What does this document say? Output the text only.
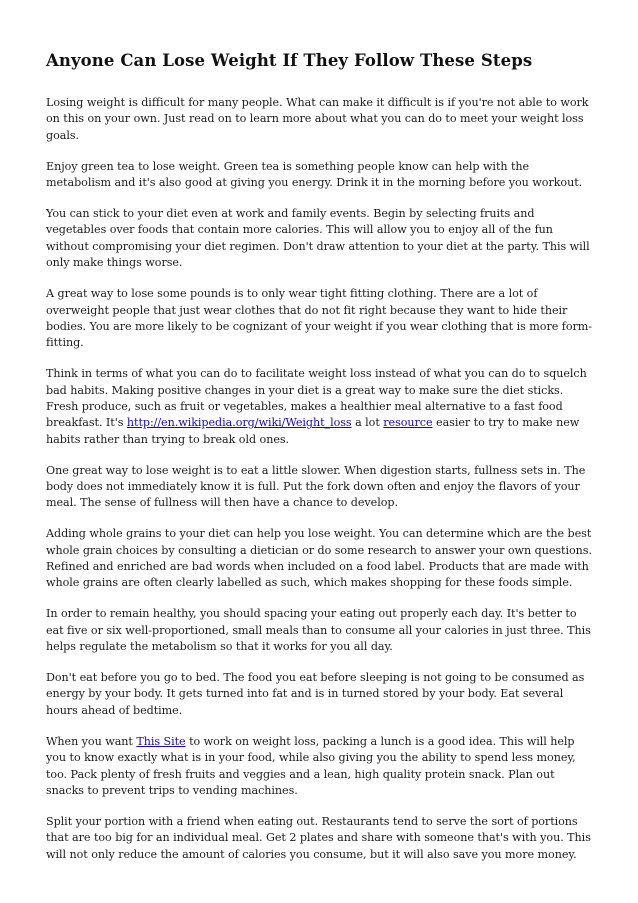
Anyone Can Lose Weight If They Follow These Steps

Losing weight is difficult for many people. What can make it difficult is if you're not able to work on this on your own. Just read on to learn more about what you can do to meet your weight loss goals.

Enjoy green tea to lose weight. Green tea is something people know can help with the metabolism and it's also good at giving you energy. Drink it in the morning before you workout.

You can stick to your diet even at work and family events. Begin by selecting fruits and vegetables over foods that contain more calories. This will allow you to enjoy all of the fun without compromising your diet regimen. Don't draw attention to your diet at the party. This will only make things worse.

A great way to lose some pounds is to only wear tight fitting clothing. There are a lot of overweight people that just wear clothes that do not fit right because they want to hide their bodies. You are more likely to be cognizant of your weight if you wear clothing that is more form-fitting.

Think in terms of what you can do to facilitate weight loss instead of what you can do to squelch bad habits. Making positive changes in your diet is a great way to make sure the diet sticks. Fresh produce, such as fruit or vegetables, makes a healthier meal alternative to a fast food breakfast. It's http://en.wikipedia.org/wiki/Weight_loss a lot resource easier to try to make new habits rather than trying to break old ones.

One great way to lose weight is to eat a little slower. When digestion starts, fullness sets in. The body does not immediately know it is full. Put the fork down often and enjoy the flavors of your meal. The sense of fullness will then have a chance to develop.

Adding whole grains to your diet can help you lose weight. You can determine which are the best whole grain choices by consulting a dietician or do some research to answer your own questions. Refined and enriched are bad words when included on a food label. Products that are made with whole grains are often clearly labelled as such, which makes shopping for these foods simple.

In order to remain healthy, you should spacing your eating out properly each day. It's better to eat five or six well-proportioned, small meals than to consume all your calories in just three. This helps regulate the metabolism so that it works for you all day.

Don't eat before you go to bed. The food you eat before sleeping is not going to be consumed as energy by your body. It gets turned into fat and is in turned stored by your body. Eat several hours ahead of bedtime.

When you want This Site to work on weight loss, packing a lunch is a good idea. This will help you to know exactly what is in your food, while also giving you the ability to spend less money, too. Pack plenty of fresh fruits and veggies and a lean, high quality protein snack. Plan out snacks to prevent trips to vending machines.

Split your portion with a friend when eating out. Restaurants tend to serve the sort of portions that are too big for an individual meal. Get 2 plates and share with someone that's with you. This will not only reduce the amount of calories you consume, but it will also save you more money.
